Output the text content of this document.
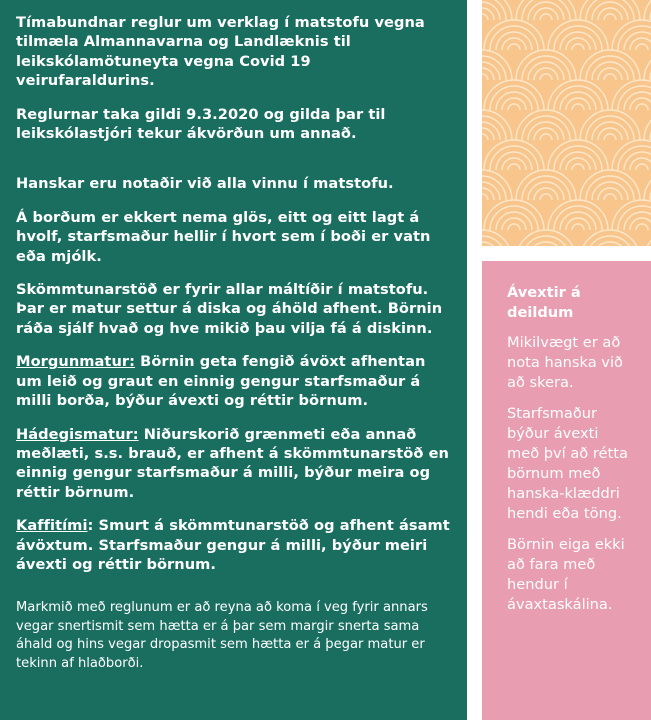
Tímabundnar reglur um verklag í matstofu vegna tilmæla Almannavarna og Landlæknis til leikskólamötuneyta vegna Covid 19 veirufaraldurins.

Reglurnar taka gildi 9.3.2020 og gilda þar til leikskólastjóri tekur ákvörðun um annað.

Hanskar eru notaðir við alla vinnu í matstofu.

Á borðum er ekkert nema glös, eitt og eitt lagt á hvolf, starfsmaður hellir í hvort sem í boði er vatn eða mjólk.

Skömmtunarstöð er fyrir allar máltíðir í matstofu. Þar er matur settur á diska og áhöld afhent. Börnin ráða sjálf hvað og hve mikið þau vilja fá á diskinn.

Morgunmatur: Börnin geta fengið ávöxt afhentan um leið og graut en einnig gengur starfsmaður á milli borða, býður ávexti og réttir börnum.

Hádegismatur: Niðurskorið grænmeti eða annað meðlæti, s.s. brauð, er afhent á skömmtunarstöð en einnig gengur starfsmaður á milli, býður meira og réttir börnum.

Kaffitími: Smurt á skömmtunarstöð og afhent ásamt ávöxtum. Starfsmaður gengur á milli, býður meiri ávexti og réttir börnum.

Markmið með reglunum er að reyna að koma í veg fyrir annars vegar snertismit sem hætta er á þar sem margir snerta sama áhald og hins vegar dropasmit sem hætta er á þegar matur er tekinn af hlaðborði.

Ávextir á deildum

Mikilvægt er að nota hanska við að skera.

Starfsmaður býður ávexti með því að rétta börnum með hanska-klæddri hendi eða töng.

Börnin eiga ekki að fara með hendur í ávaxtaskálina.
